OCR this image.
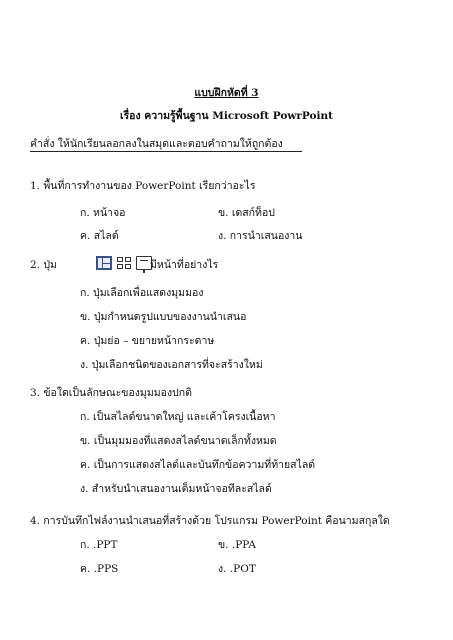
แบบฝึกหัดที่ 3
เรื่อง ความรู้พื้นฐาน Microsoft PowrPoint
คำสั่ง ให้นักเรียนลอกลงในสมุดและตอบคำถามให้ถูกต้อง
1. พื้นที่การทำงานของ PowerPoint เรียกว่าอะไร
ก. หน้าจอ	ข. เดสก์ท็อป
ค. สไลด์	ง. การนำเสนองาน
2. ปุ่ม	มีหน้าที่อย่างไร
ก. ปุ่มเลือกเพื่อแสดงมุมมอง
ข. ปุ่มกำหนดรูปแบบของงานนำเสนอ
ค. ปุ่มย่อ – ขยายหน้ากระดาษ
ง. ปุ่มเลือกชนิดของเอกสารที่จะสร้างใหม่
3. ข้อใดเป็นลักษณะของมุมมองปกติ
ก. เป็นสไลด์ขนาดใหญ่ และเค้าโครงเนื้อหา
ข. เป็นมุมมองที่แสดงสไลด์ขนาดเล็กทั้งหมด
ค. เป็นการแสดงสไลด์และบันทึกข้อความที่ท้ายสไลด์
ง. สำหรับนำเสนองานเต็มหน้าจอทีละสไลด์
4. การบันทึกไฟล์งานนำเสนอที่สร้างด้วย โปรแกรม PowerPoint คือนามสกุลใด
ก. .PPT	ข. .PPA
ค. .PPS	ง. .POT
